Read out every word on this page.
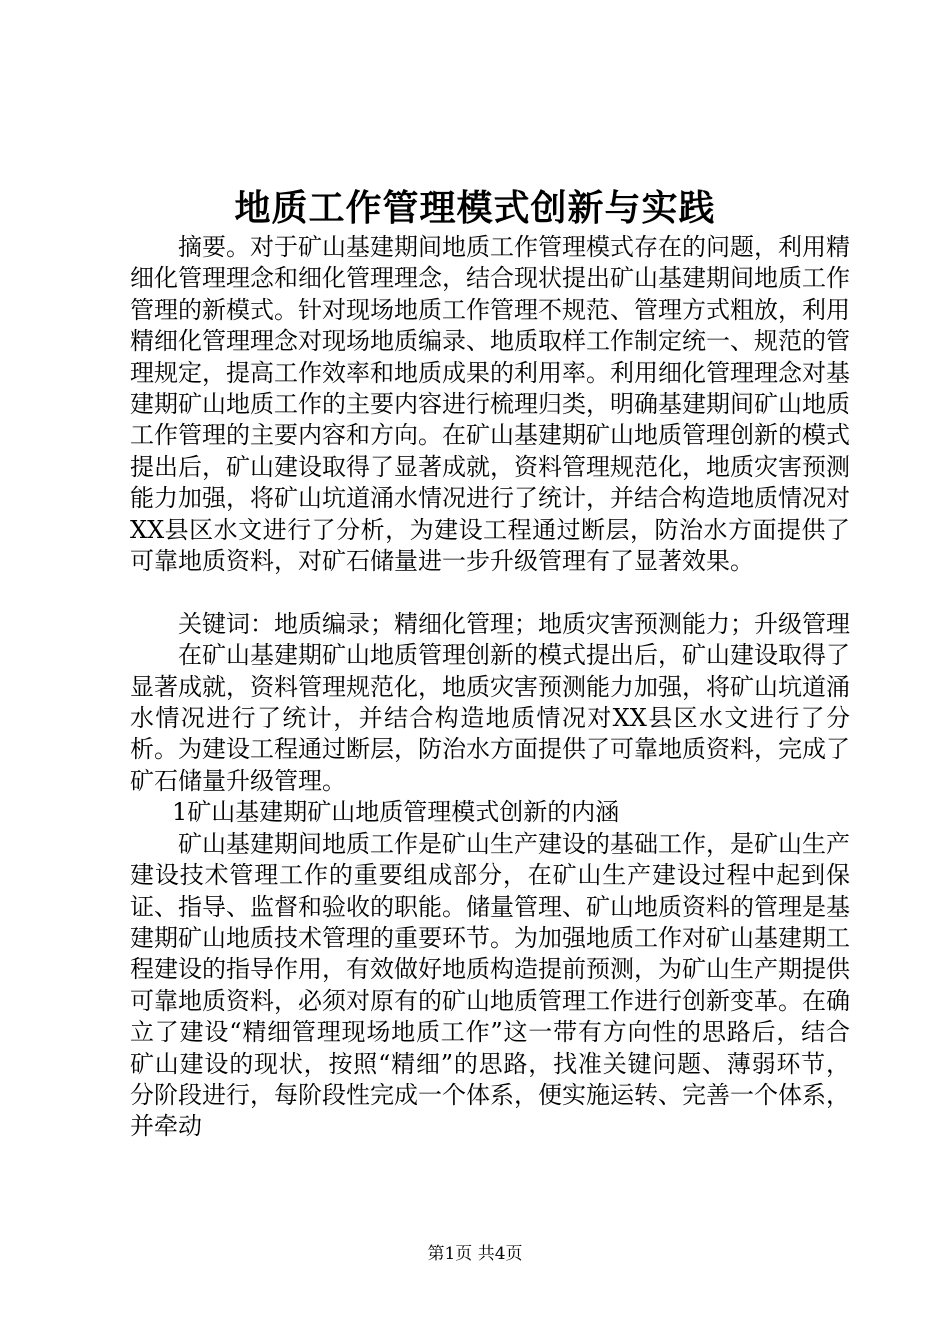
地质工作管理模式创新与实践

摘要。对于矿山基建期间地质工作管理模式存在的问题，利用精细化管理理念和细化管理理念，结合现状提出矿山基建期间地质工作管理的新模式。针对现场地质工作管理不规范、管理方式粗放，利用精细化管理理念对现场地质编录、地质取样工作制定统一、规范的管理规定，提高工作效率和地质成果的利用率。利用细化管理理念对基建期矿山地质工作的主要内容进行梳理归类，明确基建期间矿山地质工作管理的主要内容和方向。在矿山基建期矿山地质管理创新的模式提出后，矿山建设取得了显著成就，资料管理规范化，地质灾害预测能力加强，将矿山坑道涌水情况进行了统计，并结合构造地质情况对XX县区水文进行了分析，为建设工程通过断层，防治水方面提供了可靠地质资料，对矿石储量进一步升级管理有了显著效果。

关键词：地质编录；精细化管理；地质灾害预测能力；升级管理

在矿山基建期矿山地质管理创新的模式提出后，矿山建设取得了显著成就，资料管理规范化，地质灾害预测能力加强，将矿山坑道涌水情况进行了统计，并结合构造地质情况对XX县区水文进行了分析。为建设工程通过断层，防治水方面提供了可靠地质资料，完成了矿石储量升级管理。

1矿山基建期矿山地质管理模式创新的内涵

矿山基建期间地质工作是矿山生产建设的基础工作，是矿山生产建设技术管理工作的重要组成部分，在矿山生产建设过程中起到保证、指导、监督和验收的职能。储量管理、矿山地质资料的管理是基建期矿山地质技术管理的重要环节。为加强地质工作对矿山基建期工程建设的指导作用，有效做好地质构造提前预测，为矿山生产期提供可靠地质资料，必须对原有的矿山地质管理工作进行创新变革。在确立了建设“精细管理现场地质工作”这一带有方向性的思路后，结合矿山建设的现状，按照“精细”的思路，找准关键问题、薄弱环节，分阶段进行，每阶段性完成一个体系，便实施运转、完善一个体系，并牵动

第1页 共4页
